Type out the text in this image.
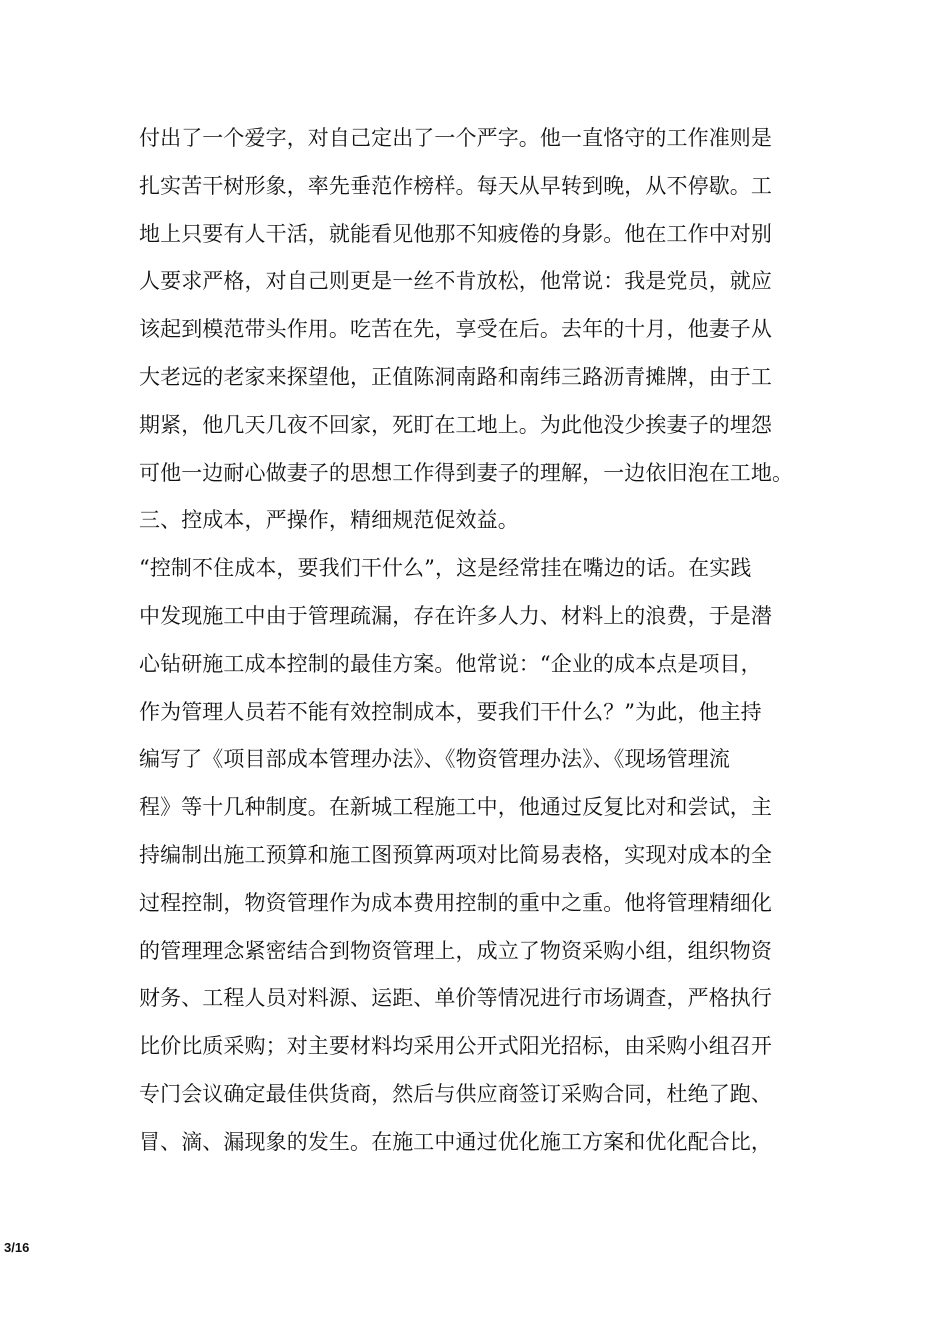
付出了一个爱字，对自己定出了一个严字。他一直恪守的工作准则是
扎实苦干树形象，率先垂范作榜样。每天从早转到晚，从不停歇。工
地上只要有人干活，就能看见他那不知疲倦的身影。他在工作中对别
人要求严格，对自己则更是一丝不肯放松，他常说：我是党员，就应
该起到模范带头作用。吃苦在先，享受在后。去年的十月，他妻子从
大老远的老家来探望他，正值陈洞南路和南纬三路沥青摊牌，由于工
期紧，他几天几夜不回家，死盯在工地上。为此他没少挨妻子的埋怨
可他一边耐心做妻子的思想工作得到妻子的理解，一边依旧泡在工地。
三、控成本，严操作，精细规范促效益。
“控制不住成本，要我们干什么”，这是经常挂在嘴边的话。在实践
中发现施工中由于管理疏漏，存在许多人力、材料上的浪费，于是潜
心钻研施工成本控制的最佳方案。他常说：“企业的成本点是项目，
作为管理人员若不能有效控制成本，要我们干什么？”为此，他主持
编写了《项目部成本管理办法》、《物资管理办法》、《现场管理流
程》等十几种制度。在新城工程施工中，他通过反复比对和尝试，主
持编制出施工预算和施工图预算两项对比简易表格，实现对成本的全
过程控制，物资管理作为成本费用控制的重中之重。他将管理精细化
的管理理念紧密结合到物资管理上，成立了物资采购小组，组织物资
财务、工程人员对料源、运距、单价等情况进行市场调查，严格执行
比价比质采购；对主要材料均采用公开式阳光招标，由采购小组召开
专门会议确定最佳供货商，然后与供应商签订采购合同，杜绝了跑、
冒、滴、漏现象的发生。在施工中通过优化施工方案和优化配合比，
3/16
